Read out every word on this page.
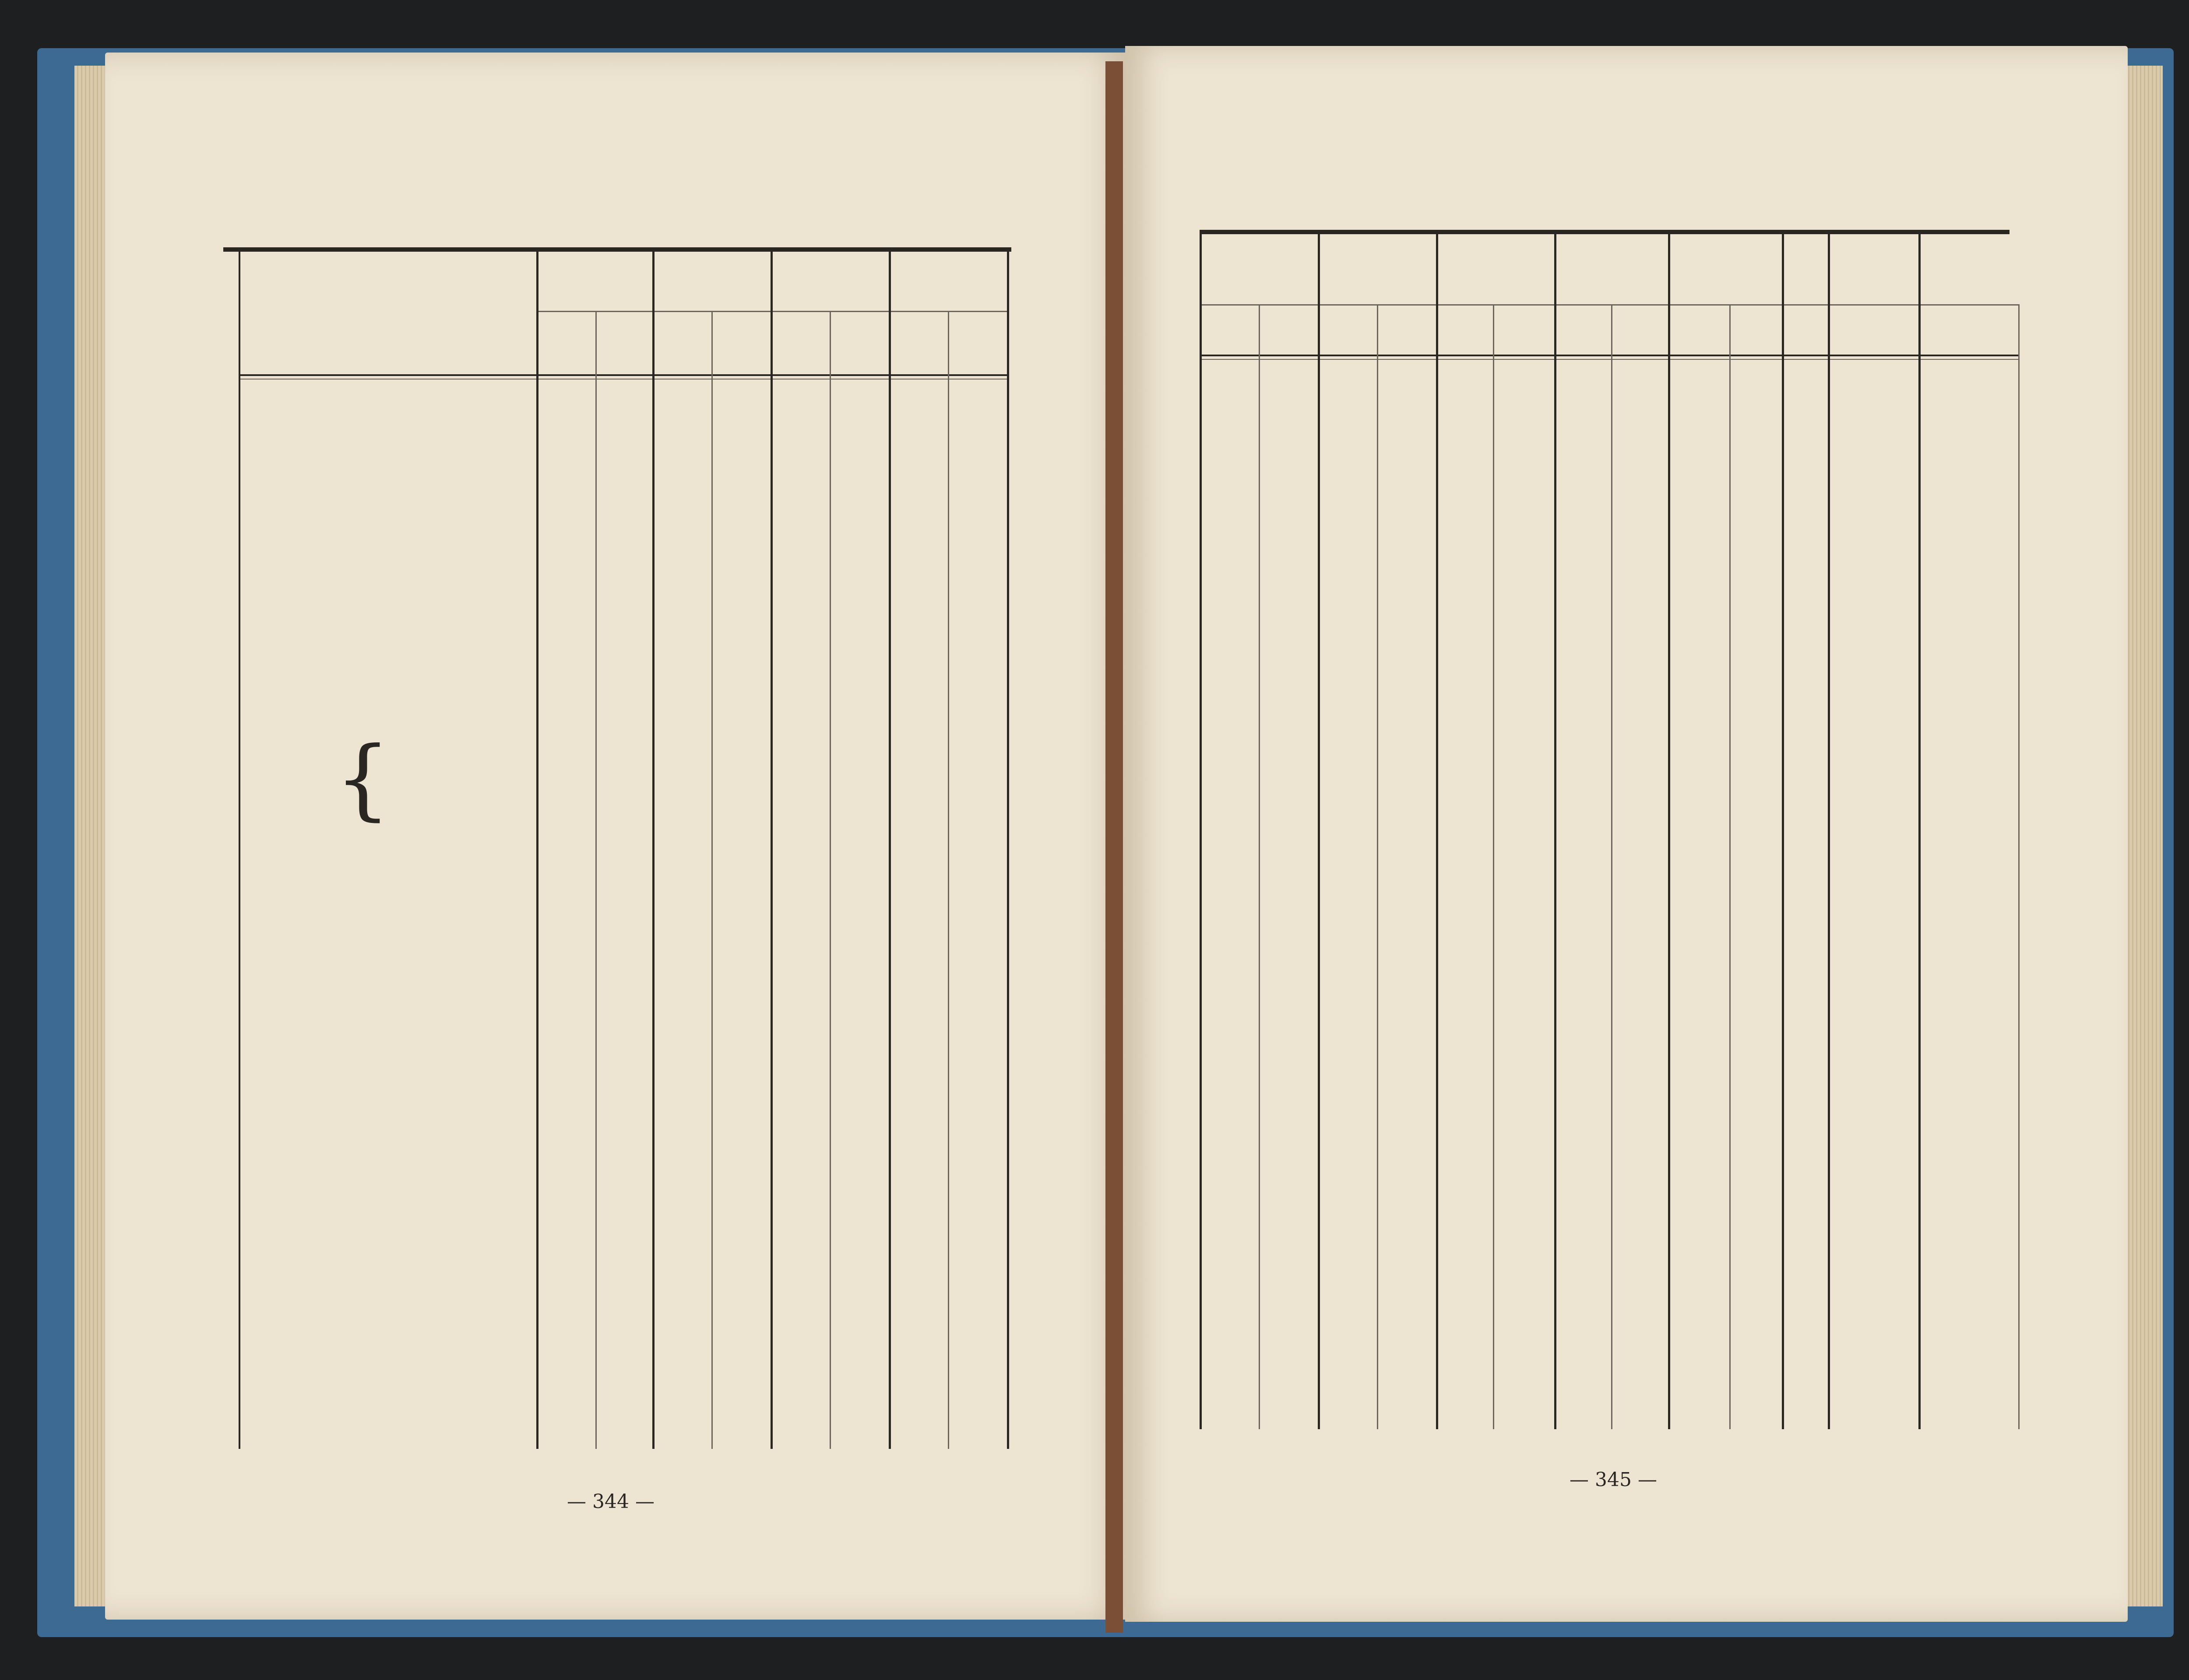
{
— 344 —
— 345 —
